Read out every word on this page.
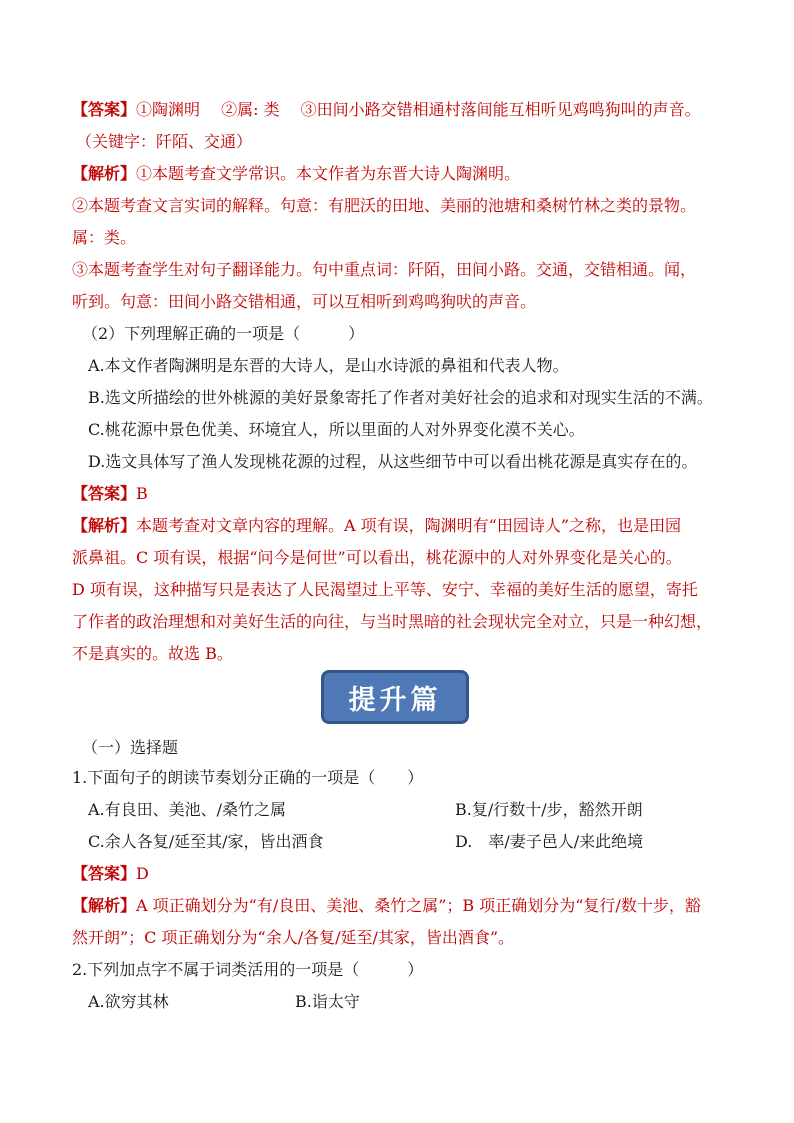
【答案】①陶渊明　 ②属: 类　 ③田间小路交错相通村落间能互相听见鸡鸣狗叫的声音。
（关键字：阡陌、交通）
【解析】①本题考查文学常识。本文作者为东晋大诗人陶渊明。
②本题考查文言实词的解释。句意：有肥沃的田地、美丽的池塘和桑树竹林之类的景物。
属：类。
③本题考查学生对句子翻译能力。句中重点词：阡陌，田间小路。交通，交错相通。闻，
听到。句意：田间小路交错相通，可以互相听到鸡鸣狗吠的声音。
（2）下列理解正确的一项是（　　　）
A.本文作者陶渊明是东晋的大诗人，是山水诗派的鼻祖和代表人物。
B.选文所描绘的世外桃源的美好景象寄托了作者对美好社会的追求和对现实生活的不满。
C.桃花源中景色优美、环境宜人，所以里面的人对外界变化漠不关心。
D.选文具体写了渔人发现桃花源的过程，从这些细节中可以看出桃花源是真实存在的。
【答案】B
【解析】本题考查对文章内容的理解。A 项有误，陶渊明有“田园诗人”之称，也是田园
派鼻祖。C 项有误，根据“问今是何世”可以看出，桃花源中的人对外界变化是关心的。
D 项有误，这种描写只是表达了人民渴望过上平等、安宁、幸福的美好生活的愿望，寄托
了作者的政治理想和对美好生活的向往，与当时黑暗的社会现状完全对立，只是一种幻想，
不是真实的。故选 B。
提升篇
（一）选择题
1.下面句子的朗读节奏划分正确的一项是（　　）
A.有良田、美池、/桑竹之属	B.复/行数十/步，豁然开朗
C.余人各复/延至其/家，皆出酒食	D.　率/妻子邑人/来此绝境
【答案】D
【解析】A 项正确划分为“有/良田、美池、桑竹之属”；B 项正确划分为“复行/数十步，豁
然开朗”；C 项正确划分为“余人/各复/延至/其家，皆出酒食”。
2.下列加点字不属于词类活用的一项是（　　　）
A.欲穷其林	B.诣太守
